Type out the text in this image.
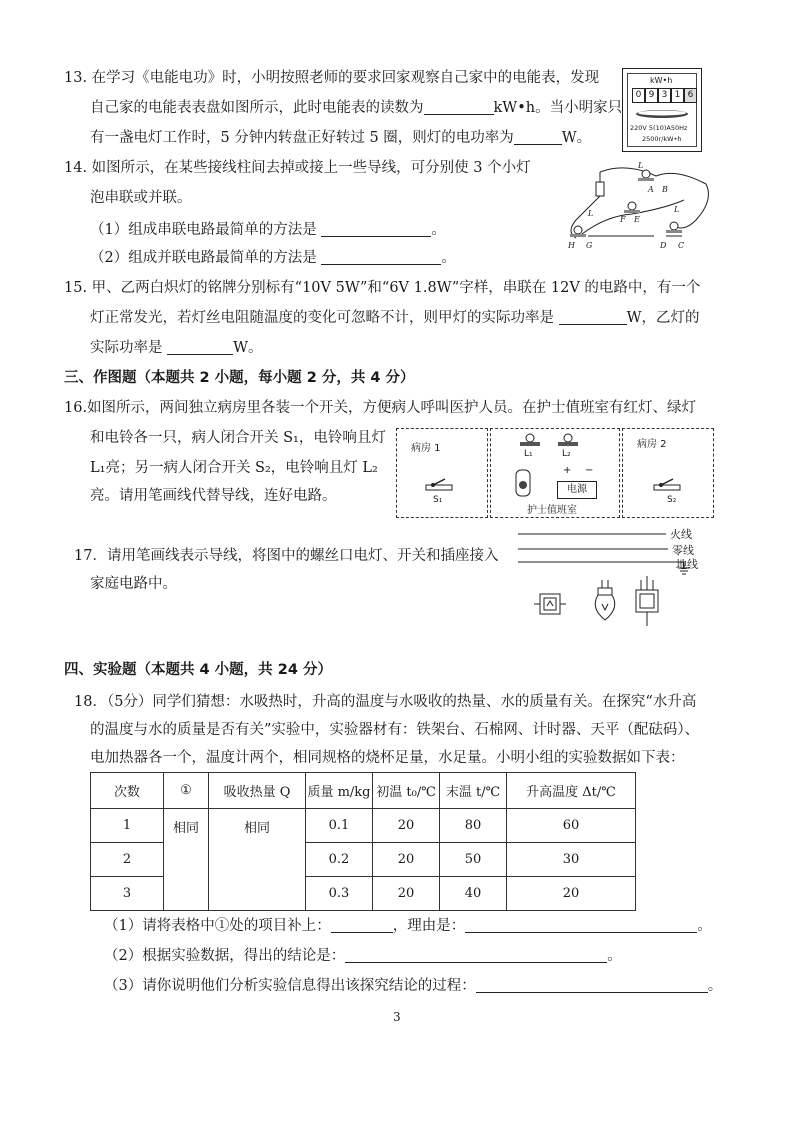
13. 在学习《电能电功》时，小明按照老师的要求回家观察自己家中的电能表，发现
自己家的电能表表盘如图所示，此时电能表的读数为	kW•h。当小明家只
有一盏电灯工作时，5 分钟内转盘正好转过 5 圈，则灯的电功率为	W。
kW•h
0 9 3 1 6
220V 5(10)A50Hz
2500r/kW•h
14. 如图所示，在某些接线柱间去掉或接上一些导线，可分别使 3 个小灯
泡串联或并联。
（1）组成串联电路最简单的方法是	。
（2）组成并联电路最简单的方法是	。
L
A B
L
F E
L
H G	D C
15. 甲、乙两白炽灯的铭牌分别标有“10V 5W”和“6V 1.8W”字样，串联在 12V 的电路中，有一个
灯正常发光，若灯丝电阻随温度的变化可忽略不计，则甲灯的实际功率是	W，乙灯的
实际功率是	W。
三、作图题（本题共 2 小题，每小题 2 分，共 4 分）
16.如图所示，两间独立病房里各装一个开关，方便病人呼叫医护人员。在护士值班室有红灯、绿灯
和电铃各一只，病人闭合开关 S₁，电铃响且灯
L₁亮；另一病人闭合开关 S₂，电铃响且灯 L₂
亮。请用笔画线代替导线，连好电路。
病房 1
S₁
L₁	L₂
+ −
电源
护士值班室
病房 2
S₂
17．请用笔画线表示导线，将图中的螺丝口电灯、开关和插座接入
家庭电路中。
火线
零线
地线
四、实验题（本题共 4 小题，共 24 分）
18．（5分）同学们猜想：水吸热时，升高的温度与水吸收的热量、水的质量有关。在探究“水升高
的温度与水的质量是否有关”实验中，实验器材有：铁架台、石棉网、计时器、天平（配砝码）、
电加热器各一个，温度计两个，相同规格的烧杯足量，水足量。小明小组的实验数据如下表：
次数	①	吸收热量 Q	质量 m/kg	初温 t₀/℃	末温 t/℃	升高温度 Δt/℃
1	相同	相同	0.1	20	80	60
2			0.2	20	50	30
3			0.3	20	40	20
（1）请将表格中①处的项目补上：	，理由是：	。
（2）根据实验数据，得出的结论是：	。
（3）请你说明他们分析实验信息得出该探究结论的过程：	。
3
